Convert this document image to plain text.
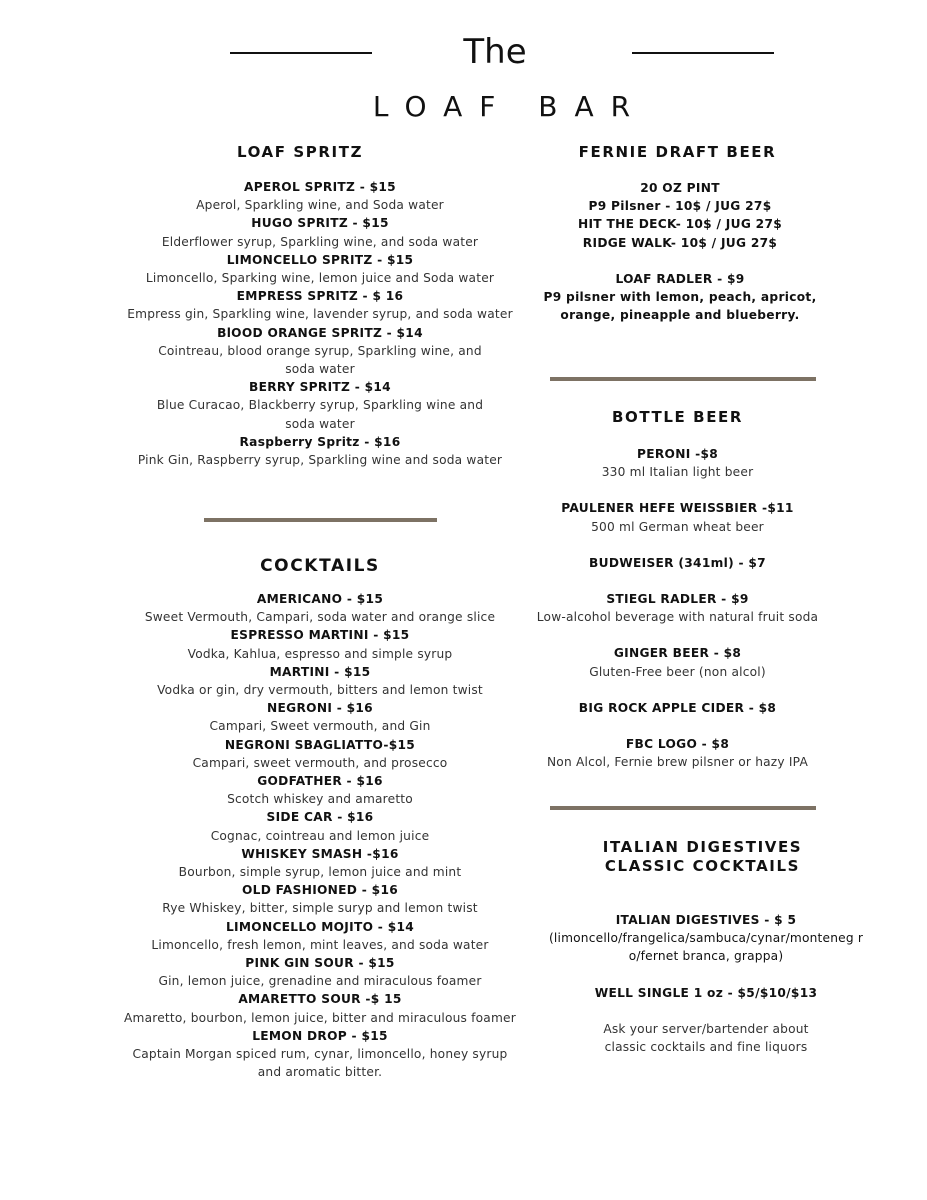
The
LOAF BAR
LOAF SPRITZ
APEROL SPRITZ - $15
Aperol, Sparkling wine, and Soda water
HUGO SPRITZ - $15
Elderflower syrup, Sparkling wine, and soda water
LIMONCELLO SPRITZ - $15
Limoncello, Sparking wine, lemon juice and Soda water
EMPRESS SPRITZ - $ 16
Empress gin, Sparkling wine, lavender syrup, and soda water
BlOOD ORANGE SPRITZ - $14
Cointreau, blood orange syrup, Sparkling wine, and soda water
BERRY SPRITZ - $14
Blue Curacao, Blackberry syrup, Sparkling wine and soda water
Raspberry Spritz - $16
Pink Gin, Raspberry syrup, Sparkling wine and soda water
COCKTAILS
AMERICANO - $15
Sweet Vermouth, Campari, soda water and orange slice
ESPRESSO MARTINI - $15
Vodka, Kahlua, espresso and simple syrup
MARTINI - $15
Vodka or gin, dry vermouth, bitters and lemon twist
NEGRONI - $16
Campari, Sweet vermouth, and Gin
NEGRONI SBAGLIATTO-$15
Campari, sweet vermouth, and prosecco
GODFATHER - $16
Scotch whiskey and amaretto
SIDE CAR - $16
Cognac, cointreau and lemon juice
WHISKEY SMASH -$16
Bourbon, simple syrup, lemon juice and mint
OLD FASHIONED - $16
Rye Whiskey, bitter, simple suryp and lemon twist
LIMONCELLO MOJITO - $14
Limoncello, fresh lemon, mint leaves, and soda water
PINK GIN SOUR - $15
Gin, lemon juice, grenadine and miraculous foamer
AMARETTO SOUR -$ 15
Amaretto, bourbon, lemon juice, bitter and miraculous foamer
LEMON DROP - $15
Captain Morgan spiced rum, cynar, limoncello, honey syrup and aromatic bitter.
FERNIE DRAFT BEER
20 OZ PINT
P9 Pilsner - 10$ / JUG 27$
HIT THE DECK- 10$ / JUG 27$
RIDGE WALK- 10$ / JUG 27$
LOAF RADLER - $9
P9 pilsner with lemon, peach, apricot, orange, pineapple and blueberry.
BOTTLE BEER
PERONI -$8
330 ml Italian light beer
PAULENER HEFE WEISSBIER -$11
500 ml German wheat beer
BUDWEISER (341ml) - $7
STIEGL RADLER - $9
Low-alcohol beverage with natural fruit soda
GINGER BEER - $8
Gluten-Free beer (non alcol)
BIG ROCK APPLE CIDER - $8
FBC LOGO - $8
Non Alcol, Fernie brew pilsner or hazy IPA
ITALIAN DIGESTIVES
CLASSIC COCKTAILS
ITALIAN DIGESTIVES - $ 5
(limoncello/frangelica/sambuca/cynar/monteneg ro/fernet branca, grappa)
WELL SINGLE 1 oz - $5/$10/$13
Ask your server/bartender about classic cocktails and fine liquors
